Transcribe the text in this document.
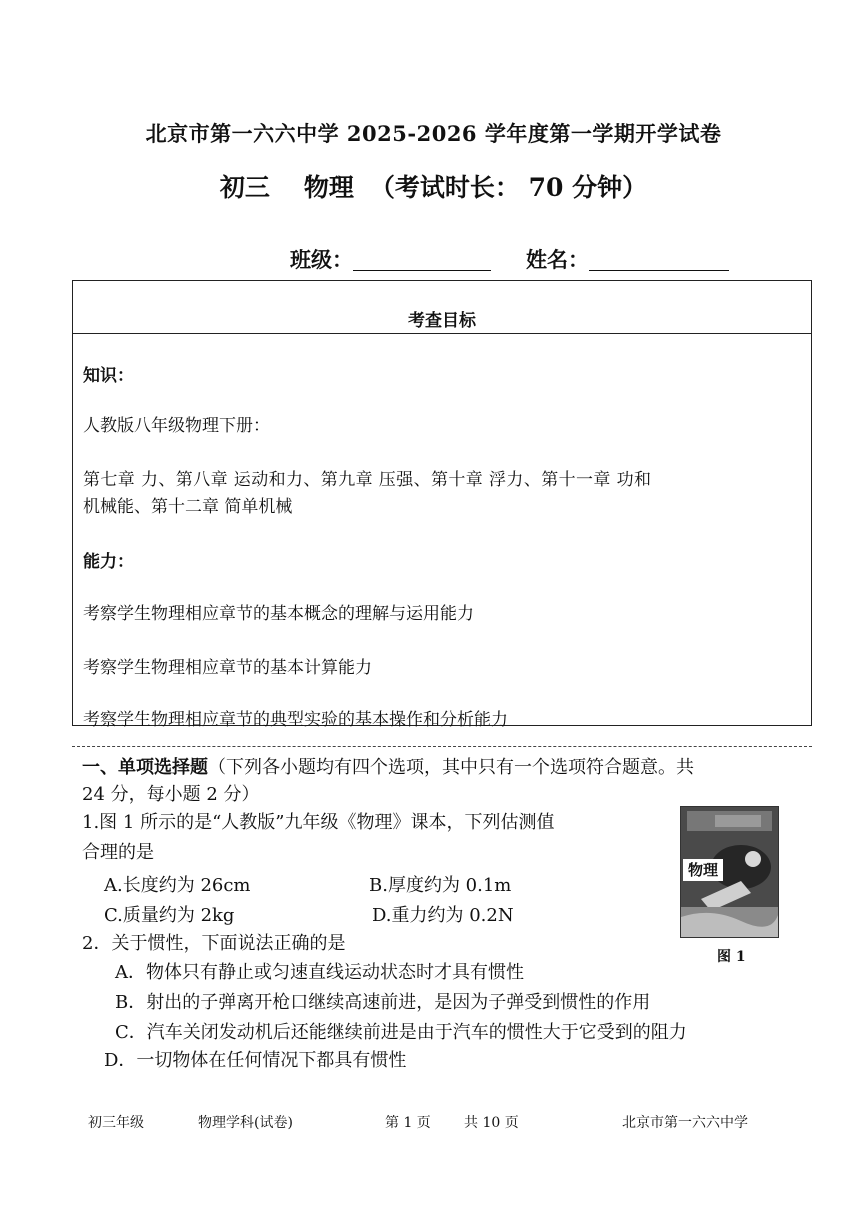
北京市第一六六中学 2025-2026 学年度第一学期开学试卷
初三 物理 （考试时长： 70 分钟）
班级：	姓名：
考查目标
知识：
人教版八年级物理下册：
第七章 力、第八章 运动和力、第九章 压强、第十章 浮力、第十一章 功和
机械能、第十二章 简单机械
能力：
考察学生物理相应章节的基本概念的理解与运用能力
考察学生物理相应章节的基本计算能力
考察学生物理相应章节的典型实验的基本操作和分析能力
一、单项选择题（下列各小题均有四个选项，其中只有一个选项符合题意。共
24 分，每小题 2 分）
1.图 1 所示的是“人教版”九年级《物理》课本，下列估测值
合理的是
A.长度约为 26cm	B.厚度约为 0.1m
C.质量约为 2kg	D.重力约为 0.2N
物理
图 1
2．关于惯性，下面说法正确的是
A．物体只有静止或匀速直线运动状态时才具有惯性
B．射出的子弹离开枪口继续高速前进，是因为子弹受到惯性的作用
C．汽车关闭发动机后还能继续前进是由于汽车的惯性大于它受到的阻力
D．一切物体在任何情况下都具有惯性
初三年级	物理学科(试卷)	第 1 页 共 10 页	北京市第一六六中学
